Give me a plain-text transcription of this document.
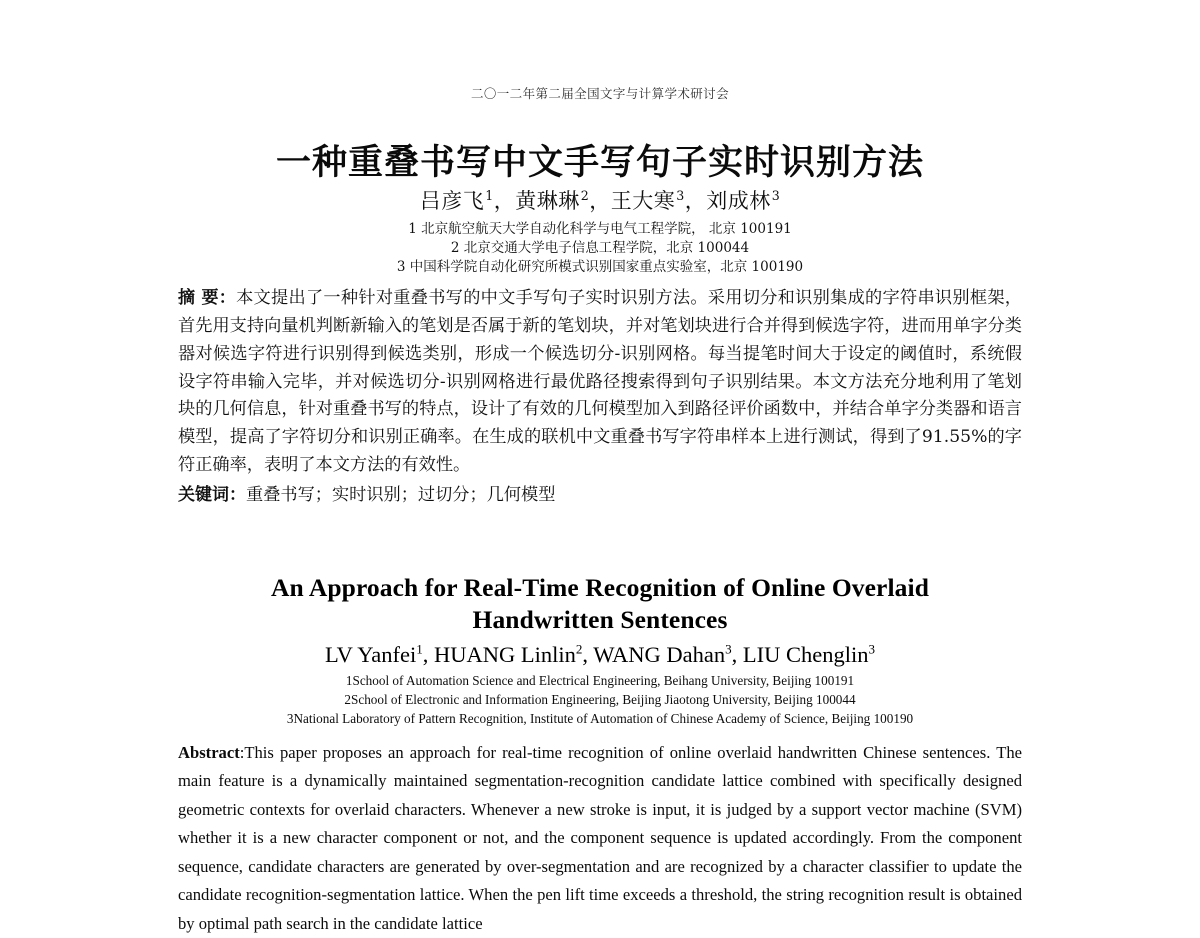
二〇一二年第二届全国文字与计算学术研讨会
一种重叠书写中文手写句子实时识别方法
吕彦飞$^1$，黄琳琳$^2$，王大寒$^3$，刘成林$^3$
1 北京航空航天大学自动化科学与电气工程学院， 北京 100191
2 北京交通大学电子信息工程学院，北京 100044
3 中国科学院自动化研究所模式识别国家重点实验室，北京 100190
摘 要：本文提出了一种针对重叠书写的中文手写句子实时识别方法。采用切分和识别集成的字符串识别框架，首先用支持向量机判断新输入的笔划是否属于新的笔划块，并对笔划块进行合并得到候选字符，进而用单字分类器对候选字符进行识别得到候选类别，形成一个候选切分-识别网格。每当提笔时间大于设定的阈值时，系统假设字符串输入完毕，并对候选切分-识别网格进行最优路径搜索得到句子识别结果。本文方法充分地利用了笔划块的几何信息，针对重叠书写的特点，设计了有效的几何模型加入到路径评价函数中，并结合单字分类器和语言模型，提高了字符切分和识别正确率。在生成的联机中文重叠书写字符串样本上进行测试，得到了91.55%的字符正确率，表明了本文方法的有效性。
关键词：重叠书写；实时识别；过切分；几何模型
An Approach for Real-Time Recognition of Online Overlaid
Handwritten Sentences
LV Yanfei$^1$, HUANG Linlin$^2$, WANG Dahan$^3$, LIU Chenglin$^3$
1School of Automation Science and Electrical Engineering, Beihang University, Beijing 100191
2School of Electronic and Information Engineering, Beijing Jiaotong University, Beijing 100044
3National Laboratory of Pattern Recognition, Institute of Automation of Chinese Academy of Science, Beijing 100190
Abstract:This paper proposes an approach for real-time recognition of online overlaid handwritten Chinese sentences. The main feature is a dynamically maintained segmentation-recognition candidate lattice combined with specifically designed geometric contexts for overlaid characters. Whenever a new stroke is input, it is judged by a support vector machine (SVM) whether it is a new character component or not, and the component sequence is updated accordingly. From the component sequence, candidate characters are generated by over-segmentation and are recognized by a character classifier to update the candidate recognition-segmentation lattice. When the pen lift time exceeds a threshold, the string recognition result is obtained by optimal path search in the candidate lattice
